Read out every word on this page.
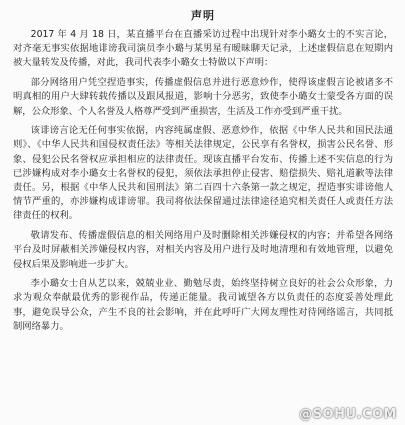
声明

2017 年 4 月 18 日，某直播平台在直播采访过程中出现针对李小璐女士的不实言论，对齐毫无事实依据地诽谤我司演员李小璐与某男星有暧昧聊天记录，上述虚假信息在短期内被大量转发及传播，对此，我司代表李小璐女士特做以下声明：

部分网络用户凭空捏造事实，传播虚假信息并进行恶意炒作，使得该虚假言论被诸多不明真相的用户大肆转载传播以及跟风报道，影响十分恶劣，致使李小璐女士蒙受各方面的误解，公众形象、个人名誉及人格尊严受到严重损害，生活及工作亦受到严重干扰。

该诽谤言论无任何事实依据，内容纯属虚假、恶意炒作，依据《中华人民共和国民法通则》、《中华人民共和国侵权责任法》等相关法律规定，公民享有名誉权，损害公民名誉、形象、侵犯公民名誉权应承担相应的法律责任。现该直播平台发布、传播上述不实信息的行为已涉嫌构成对李小璐女士名誉权的侵犯，须依法承担停止侵害、赔偿损失、赔礼道歉等法律责任。另，根据《中华人民共和国刑法》第二百四十六条第一款之规定，捏造事实诽谤他人情节严重的，亦涉嫌构成诽谤罪。我司将依法保留通过法律途径追究相关责任人或责任方法律责任的权利。

敬请发布、传播虚假信息的相关网络用户及时删除相关涉嫌侵权的内容；并希望各网络平台及时屏蔽相关涉嫌侵权内容，对相关内容及用户进行及时地清理和有效地管理，以避免侵权后果及影响进一步扩大。

李小璐女士自从艺以来，兢兢业业、勤勉尽责，始终坚持树立良好的社会公众形象，力求为观众奉献最优秀的影视作品，传递正能量。我司诚望各方以负责任的态度妥善处理此事，避免误导公众，产生不良的社会影响，并在此呼吁广大网友理性对待网络谣言，共同抵制网络暴力。

@SOHU.COM
